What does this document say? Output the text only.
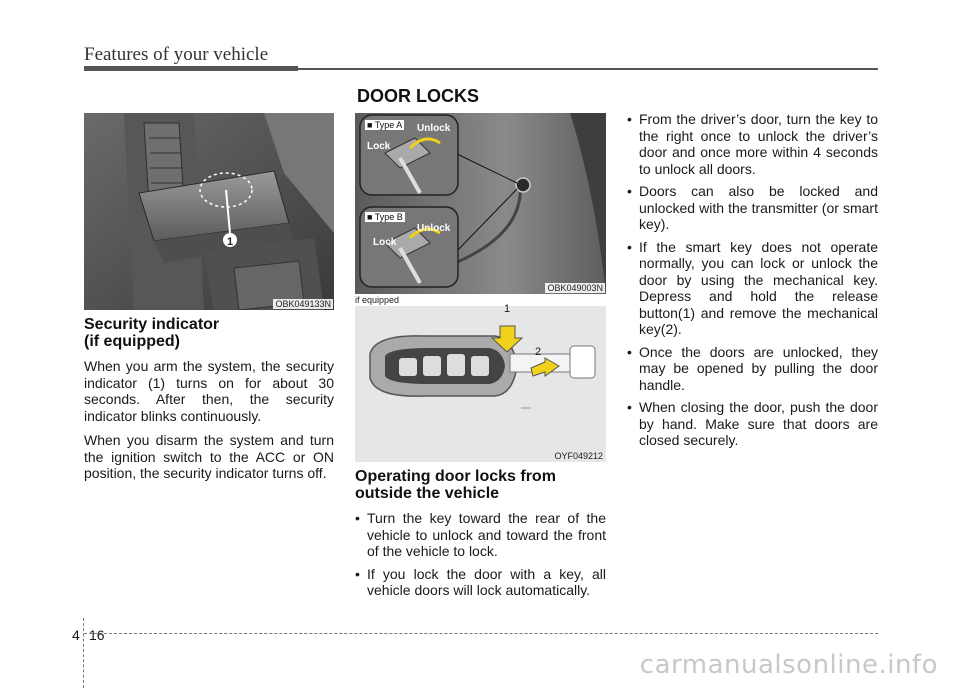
Features of your vehicle
DOOR LOCKS
1
OBK049133N
Security indicator
(if equipped)

When you arm the system, the security indicator (1) turns on for about 30 seconds. After then, the security indicator blinks continuously.

When you disarm the system and turn the ignition switch to the ACC or ON position, the security indicator turns off.

■ Type A Unlock
Lock
■ Type B
Unlock
Lock
OBK049003N
if equipped
1
2
OYF049212
Operating door locks from
outside the vehicle
• Turn the key toward the rear of the vehicle to unlock and toward the front of the vehicle to lock.
• If you lock the door with a key, all vehicle doors will lock automatically.
• From the driver’s door, turn the key to the right once to unlock the driver’s door and once more within 4 seconds to unlock all doors.
• Doors can also be locked and unlocked with the transmitter (or smart key).
• If the smart key does not operate normally, you can lock or unlock the door by using the mechanical key. Depress and hold the release button(1) and remove the mechanical key(2).
• Once the doors are unlocked, they may be opened by pulling the door handle.
• When closing the door, push the door by hand. Make sure that doors are closed securely.
4 16
carmanualsonline.info
